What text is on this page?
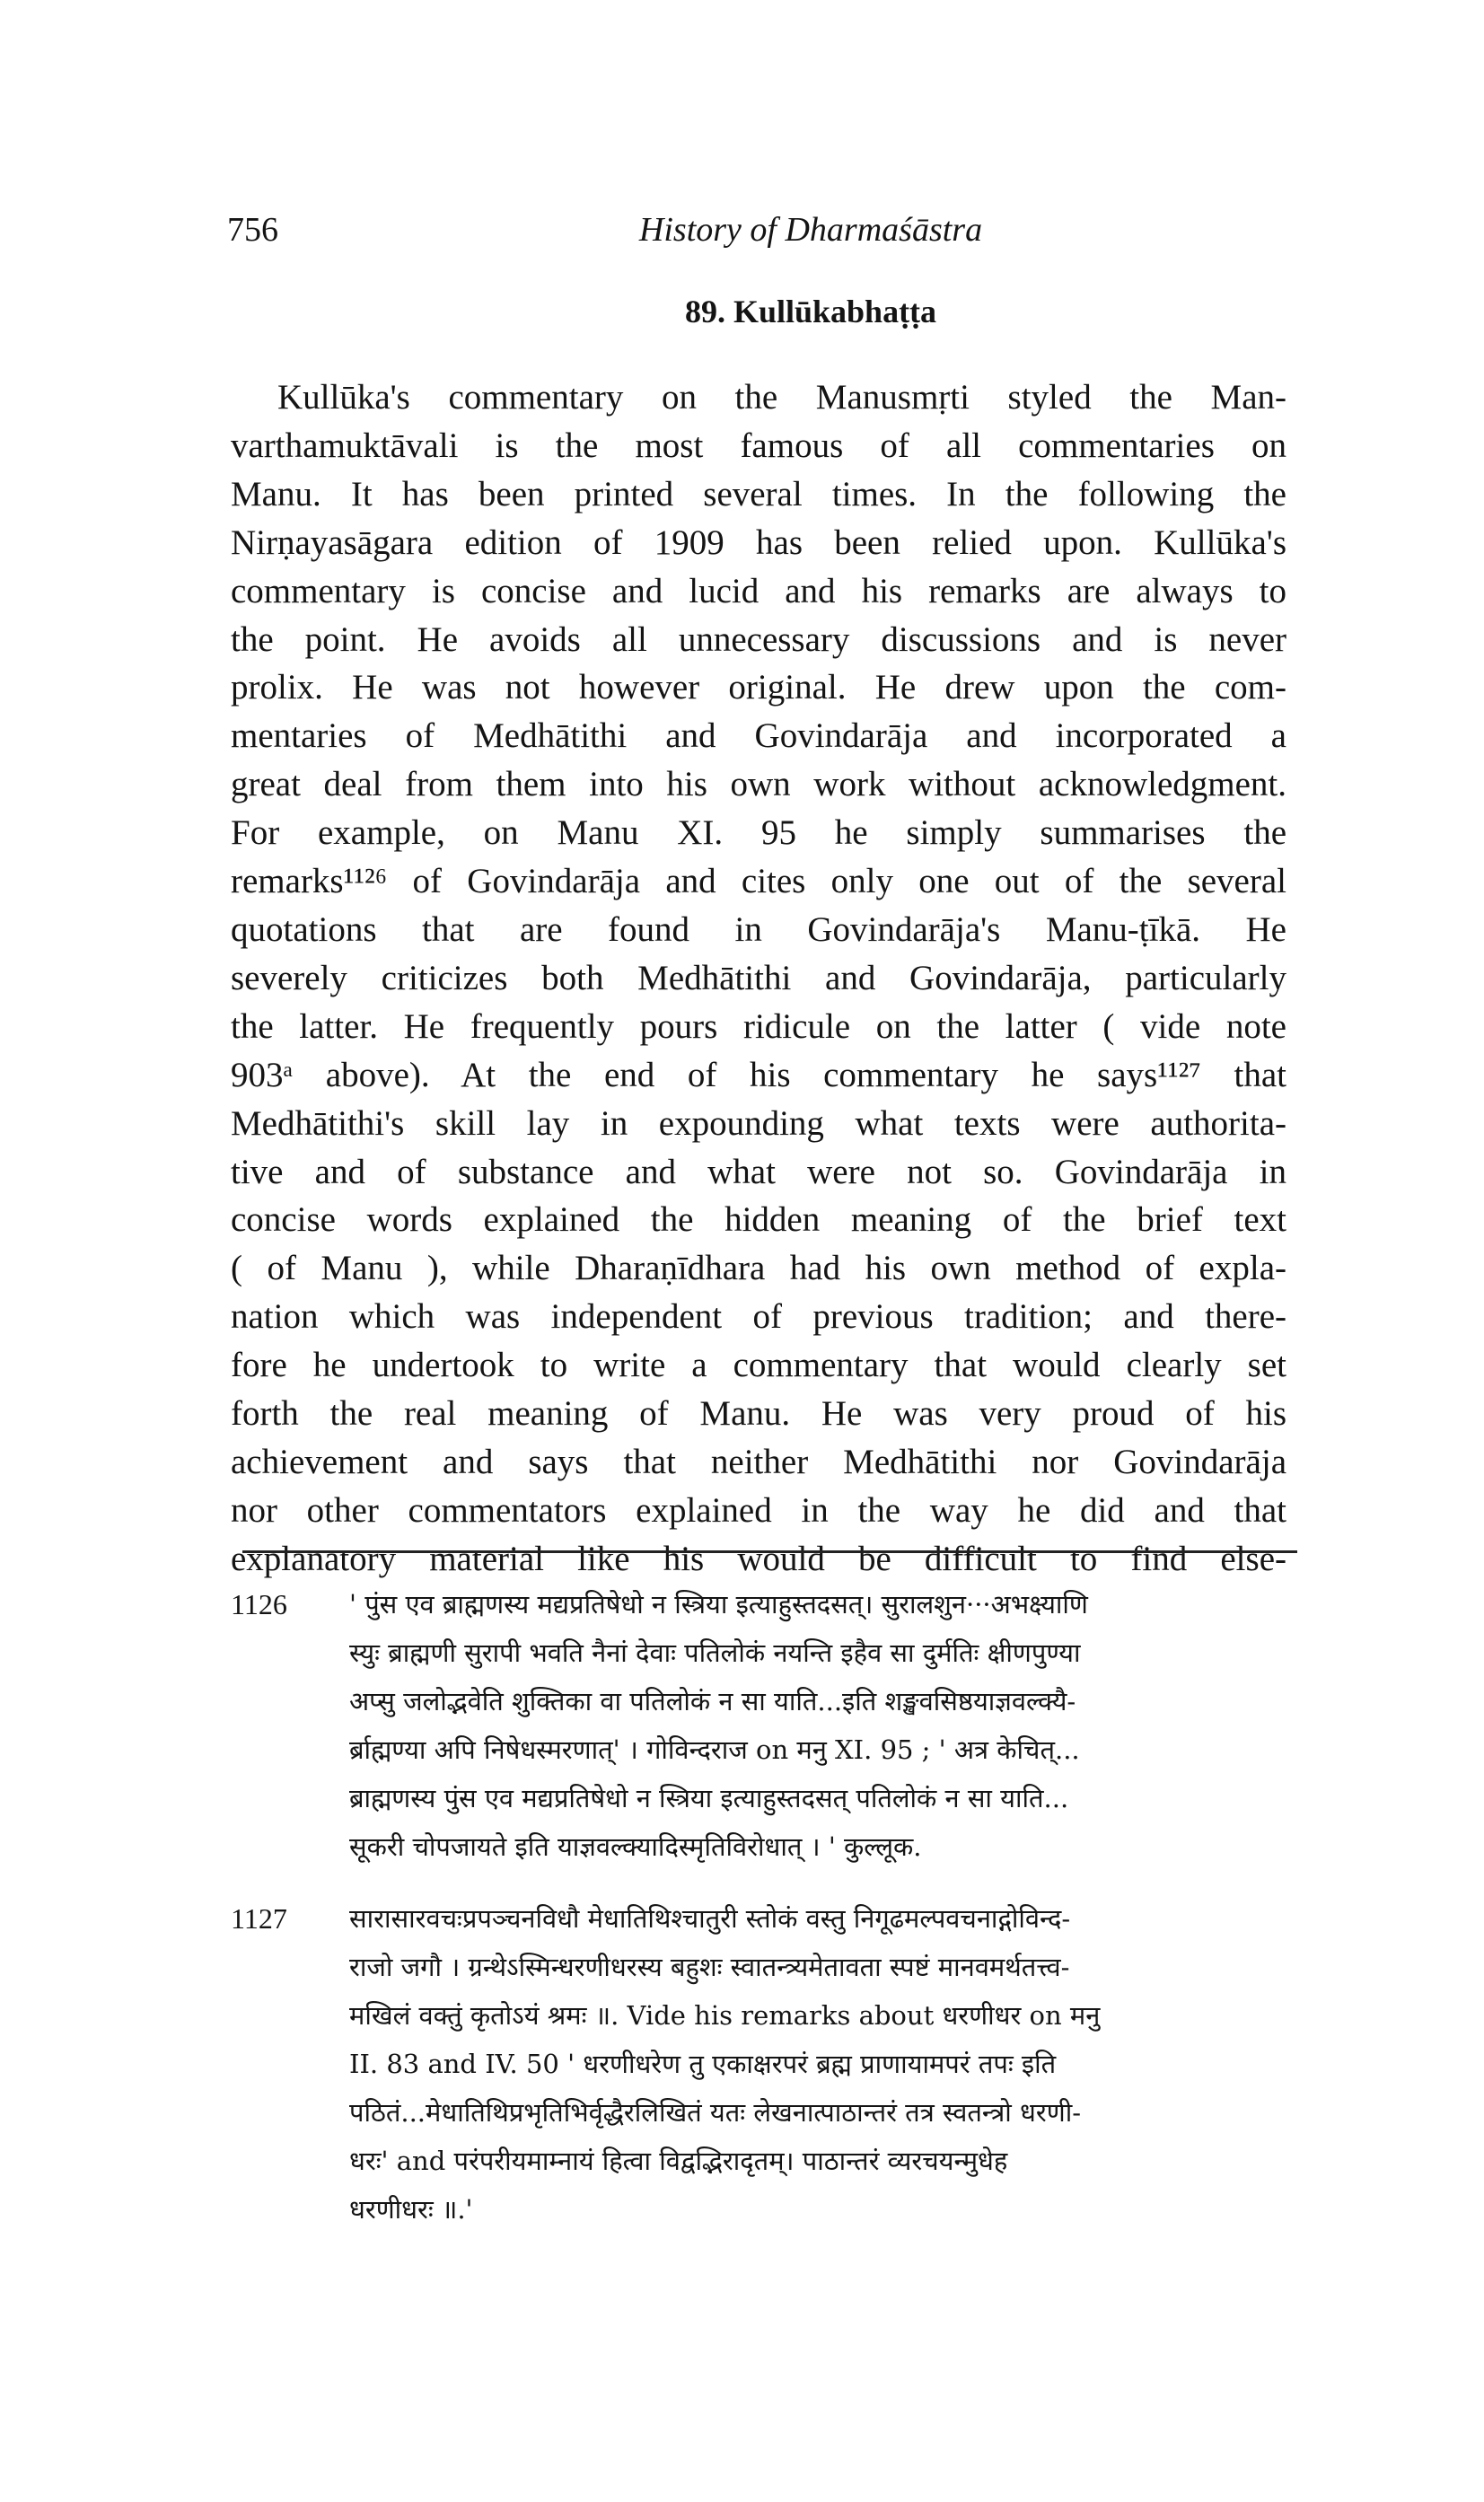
756	History of Dharmaśāstra
89. Kullūkabhaṭṭa
Kullūka's commentary on the Manusmṛti styled the Man-
varthamuktāvali is the most famous of all commentaries on
Manu. It has been printed several times. In the following the
Nirṇayasāgara edition of 1909 has been relied upon. Kullūka's
commentary is concise and lucid and his remarks are always to
the point. He avoids all unnecessary discussions and is never
prolix. He was not however original. He drew upon the com-
mentaries of Medhātithi and Govindarāja and incorporated a
great deal from them into his own work without acknowledgment.
For example, on Manu XI. 95 he simply summarises the
remarks¹¹²⁶ of Govindarāja and cites only one out of the several
quotations that are found in Govindarāja's Manu-ṭīkā. He
severely criticizes both Medhātithi and Govindarāja, particularly
the latter. He frequently pours ridicule on the latter ( vide note
903ᵃ above). At the end of his commentary he says¹¹²⁷ that
Medhātithi's skill lay in expounding what texts were authorita-
tive and of substance and what were not so. Govindarāja in
concise words explained the hidden meaning of the brief text
( of Manu ), while Dharaṇīdhara had his own method of expla-
nation which was independent of previous tradition; and there-
fore he undertook to write a commentary that would clearly set
forth the real meaning of Manu. He was very proud of his
achievement and says that neither Medhātithi nor Govindarāja
nor other commentators explained in the way he did and that
explanatory material like his would be difficult to find else-
1126 ' पुंस एव ब्राह्मणस्य मद्यप्रतिषेधो न स्त्रिया इत्याहुस्तदसत्। सुरालशुन···अभक्ष्याणि
स्युः ब्राह्मणी सुरापी भवति नैनां देवाः पतिलोकं नयन्ति इहैव सा दुर्मतिः क्षीणपुण्या
अप्सु जलोद्भवेति शुक्तिका वा पतिलोकं न सा याति...इति शङ्खवसिष्ठयाज्ञवल्क्यै-
र्ब्राह्मण्या अपि निषेधस्मरणात्' । गोविन्दराज on मनु XI. 95 ; ' अत्र केचित्...
ब्राह्मणस्य पुंस एव मद्यप्रतिषेधो न स्त्रिया इत्याहुस्तदसत् पतिलोकं न सा याति...
सूकरी चोपजायते इति याज्ञवल्क्यादिस्मृतिविरोधात् । ' कुल्लूक.
1127 सारासारवचःप्रपञ्चनविधौ मेधातिथिश्चातुरी स्तोकं वस्तु निगूढमल्पवचनाद्गोविन्द-
राजो जगौ । ग्रन्थेऽस्मिन्धरणीधरस्य बहुशः स्वातन्त्र्यमेतावता स्पष्टं मानवमर्थतत्त्व-
मखिलं वक्तुं कृतोऽयं श्रमः ॥. Vide his remarks about धरणीधर on मनु
II. 83 and IV. 50 ' धरणीधरेण तु एकाक्षरपरं ब्रह्म प्राणायामपरं तपः इति
पठितं...मेधातिथिप्रभृतिभिर्वृद्धैरलिखितं यतः लेखनात्पाठान्तरं तत्र स्वतन्त्रो धरणी-
धरः' and परंपरीयमाम्नायं हित्वा विद्वद्भिरादृतम्। पाठान्तरं व्यरचयन्मुधेह
धरणीधरः ॥.'
